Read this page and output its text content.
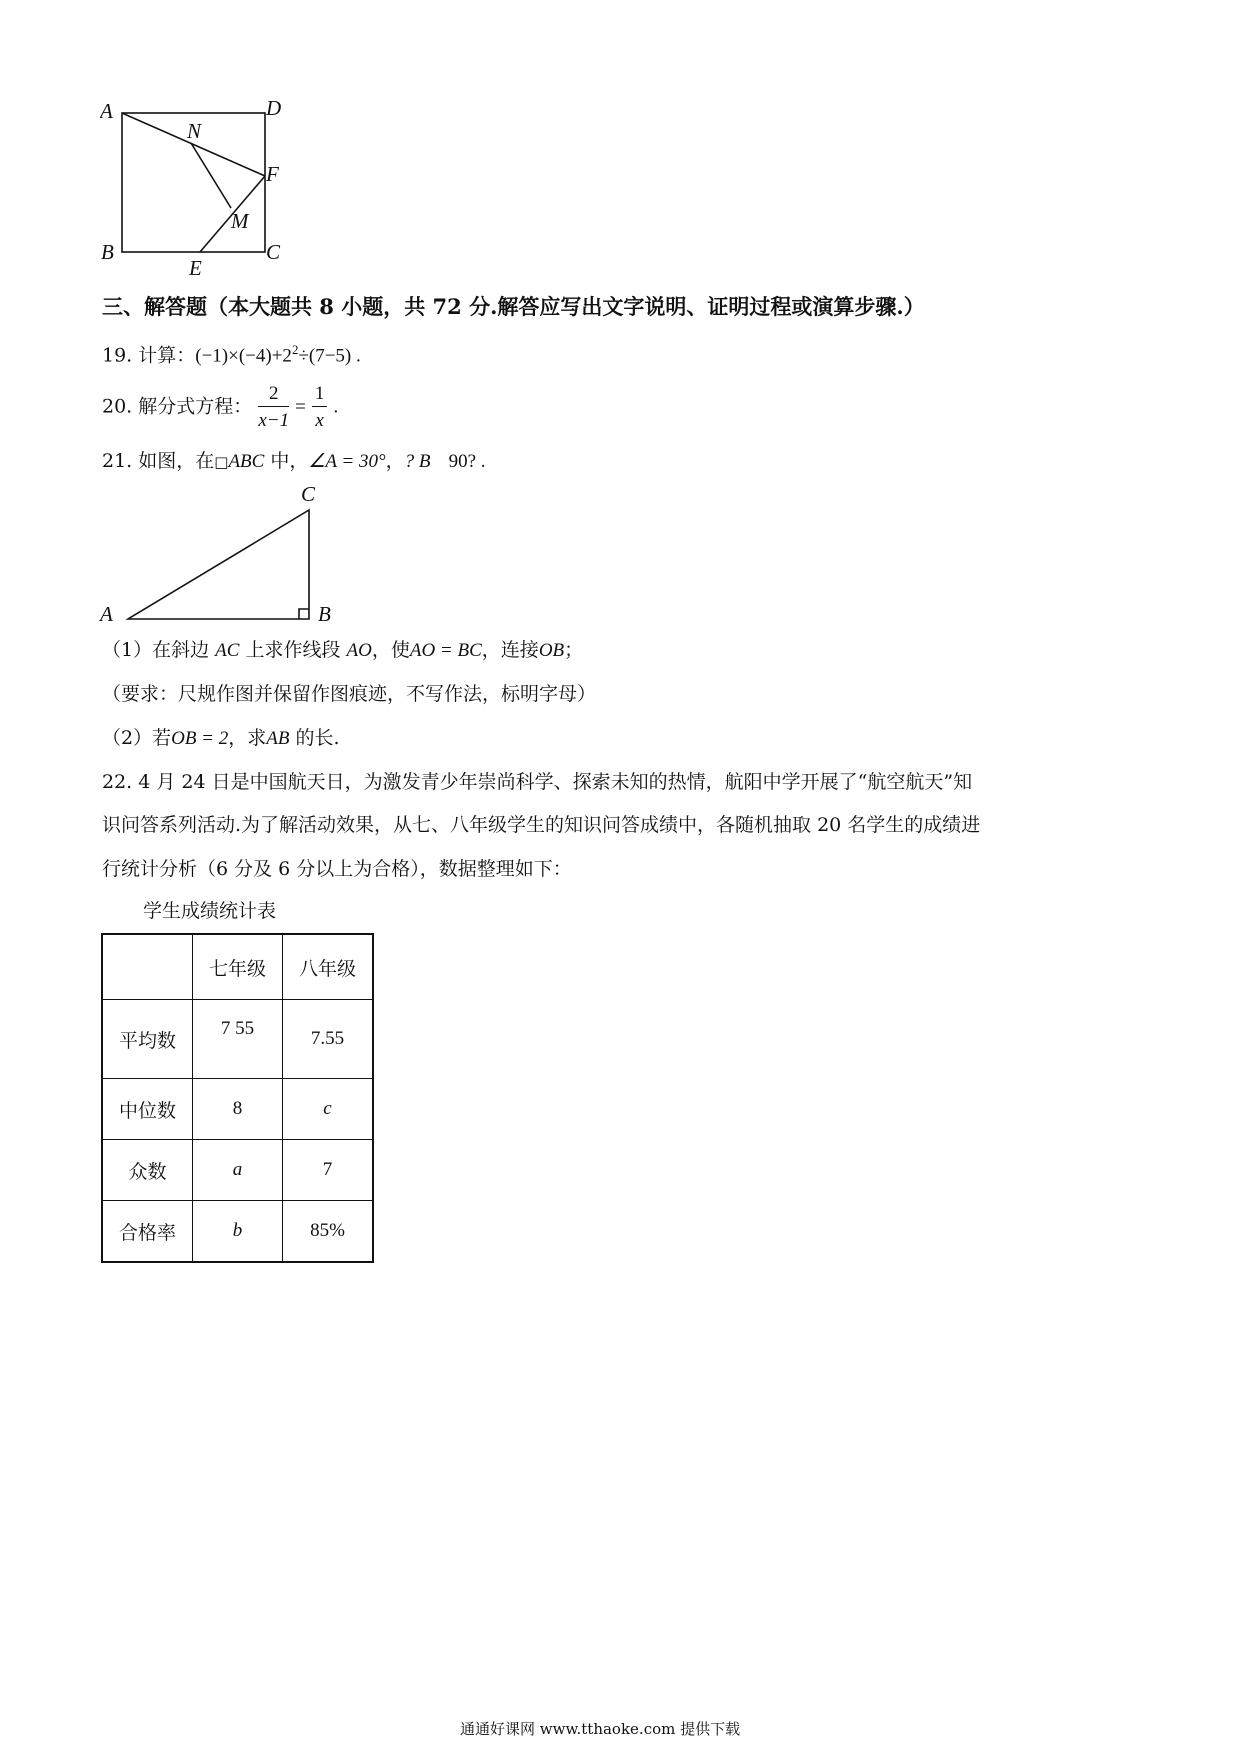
A	D
N
F
M
B
E
C
三、解答题（本大题共 8 小题，共 72 分.解答应写出文字说明、证明过程或演算步骤.）
19. 计算：$(-1)\times(-4)+2^2\div(7-5)$ .
20. 解分式方程： $\frac{2}{x-1} = \frac{1}{x}$ .
21. 如图，在□ABC 中，∠A = 30°，? B 90? .
C
A	B
（1）在斜边 AC 上求作线段 AO，使AO = BC，连接OB；
（要求：尺规作图并保留作图痕迹，不写作法，标明字母）
（2）若OB = 2，求AB 的长.
22. 4 月 24 日是中国航天日，为激发青少年崇尚科学、探索未知的热情，航阳中学开展了“航空航天”知
识问答系列活动.为了解活动效果，从七、八年级学生的知识问答成绩中，各随机抽取 20 名学生的成绩进
行统计分析（6 分及 6 分以上为合格），数据整理如下：
学生成绩统计表
	七年级	八年级
平均数	7 55	7.55
中位数	8	c
众数	a	7
合格率	b	85%
通通好课网 www.tthaoke.com 提供下载
